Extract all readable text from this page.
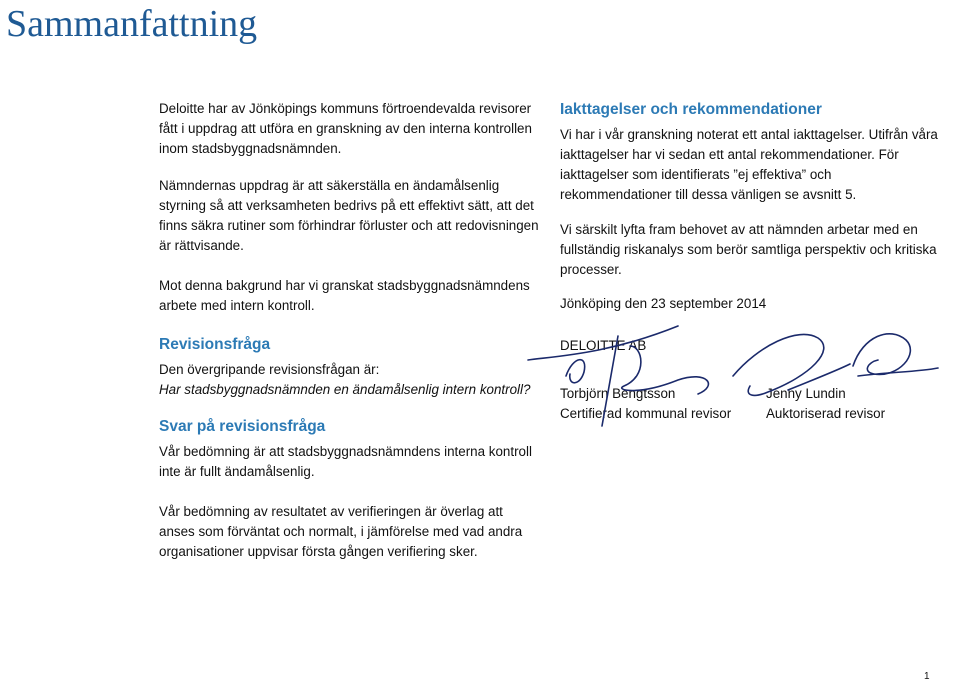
Sammanfattning

Deloitte har av Jönköpings kommuns förtroendevalda revisorer fått i uppdrag att utföra en granskning av den interna kontrollen inom stadsbyggnadsnämnden.

Nämndernas uppdrag är att säkerställa en ändamålsenlig styrning så att verksamheten bedrivs på ett effektivt sätt, att det finns säkra rutiner som förhindrar förluster och att redovisningen är rättvisande.

Mot denna bakgrund har vi granskat stadsbyggnadsnämndens arbete med intern kontroll.

Revisionsfråga

Den övergripande revisionsfrågan är:

Har stadsbyggnadsnämnden en ändamålsenlig intern kontroll?

Svar på revisionsfråga

Vår bedömning är att stadsbyggnadsnämndens interna kontroll inte är fullt ändamålsenlig.

Vår bedömning av resultatet av verifieringen är överlag att anses som förväntat och normalt, i jämförelse med vad andra organisationer uppvisar första gången verifiering sker.

Iakttagelser och rekommendationer

Vi har i vår granskning noterat ett antal iakttagelser. Utifrån våra iakttagelser har vi sedan ett antal rekommendationer. För iakttagelser som identifierats ”ej effektiva” och rekommendationer till dessa vänligen se avsnitt 5.

Vi särskilt lyfta fram behovet av att nämnden arbetar med en fullständig riskanalys som berör samtliga perspektiv och kritiska processer.

Jönköping den 23 september 2014

DELOITTE AB
Torbjörn Bengtsson
Certifierad kommunal revisor
Jenny Lundin
Auktoriserad revisor
1
